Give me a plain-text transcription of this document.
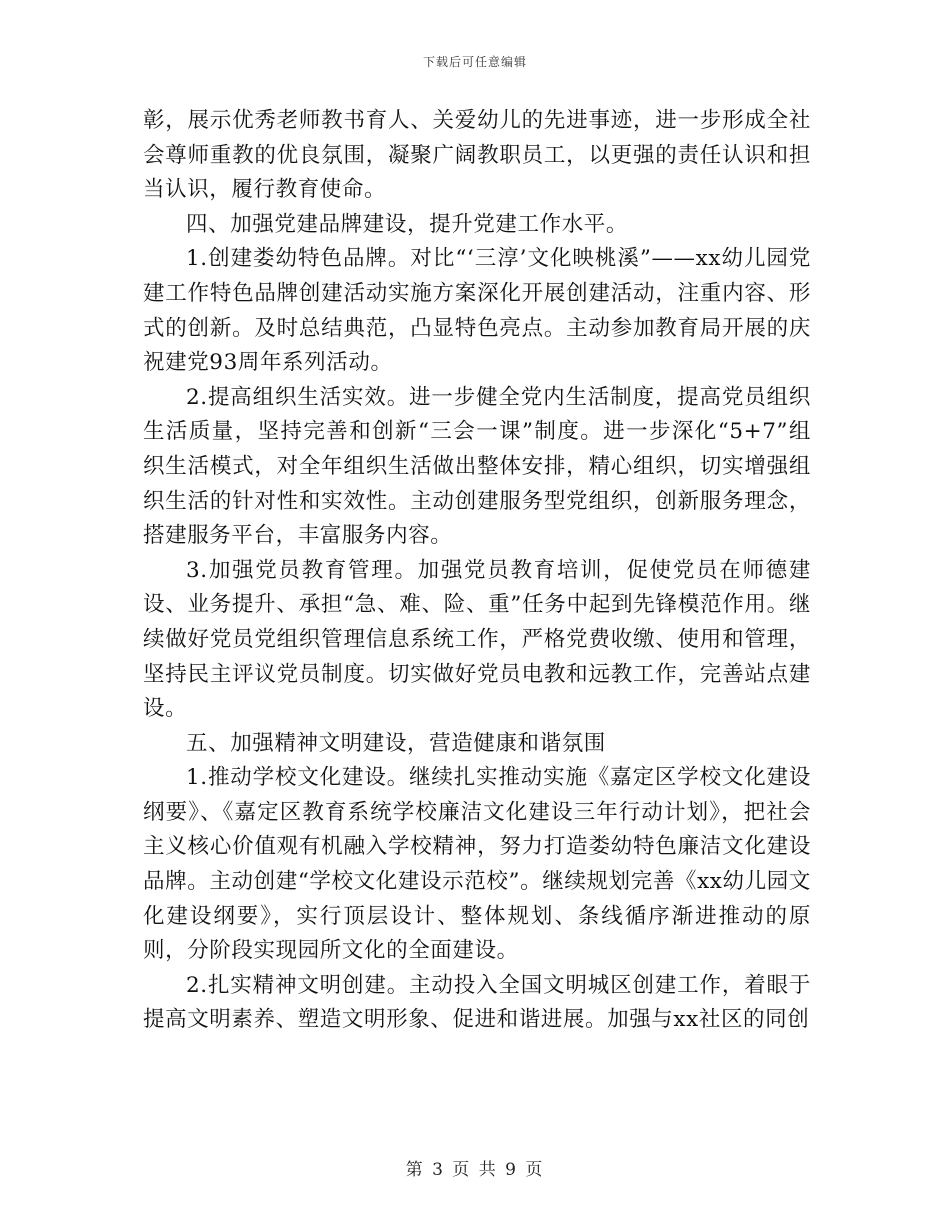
下载后可任意编辑

彰，展示优秀老师教书育人、关爱幼儿的先进事迹，进一步形成全社会尊师重教的优良氛围，凝聚广阔教职员工，以更强的责任认识和担当认识，履行教育使命。

四、加强党建品牌建设，提升党建工作水平。

1.创建娄幼特色品牌。对比“‘三淳’文化映桃溪”——xx幼儿园党建工作特色品牌创建活动实施方案深化开展创建活动，注重内容、形式的创新。及时总结典范，凸显特色亮点。主动参加教育局开展的庆祝建党93周年系列活动。

2.提高组织生活实效。进一步健全党内生活制度，提高党员组织生活质量，坚持完善和创新“三会一课”制度。进一步深化“5+7”组织生活模式，对全年组织生活做出整体安排，精心组织，切实增强组织生活的针对性和实效性。主动创建服务型党组织，创新服务理念，搭建服务平台，丰富服务内容。

3.加强党员教育管理。加强党员教育培训，促使党员在师德建设、业务提升、承担“急、难、险、重”任务中起到先锋模范作用。继续做好党员党组织管理信息系统工作，严格党费收缴、使用和管理，坚持民主评议党员制度。切实做好党员电教和远教工作，完善站点建设。

五、加强精神文明建设，营造健康和谐氛围

1.推动学校文化建设。继续扎实推动实施《嘉定区学校文化建设纲要》、《嘉定区教育系统学校廉洁文化建设三年行动计划》，把社会主义核心价值观有机融入学校精神，努力打造娄幼特色廉洁文化建设品牌。主动创建“学校文化建设示范校”。继续规划完善《xx幼儿园文化建设纲要》，实行顶层设计、整体规划、条线循序渐进推动的原则，分阶段实现园所文化的全面建设。

2.扎实精神文明创建。主动投入全国文明城区创建工作，着眼于提高文明素养、塑造文明形象、促进和谐进展。加强与xx社区的同创

第 3 页 共 9 页
